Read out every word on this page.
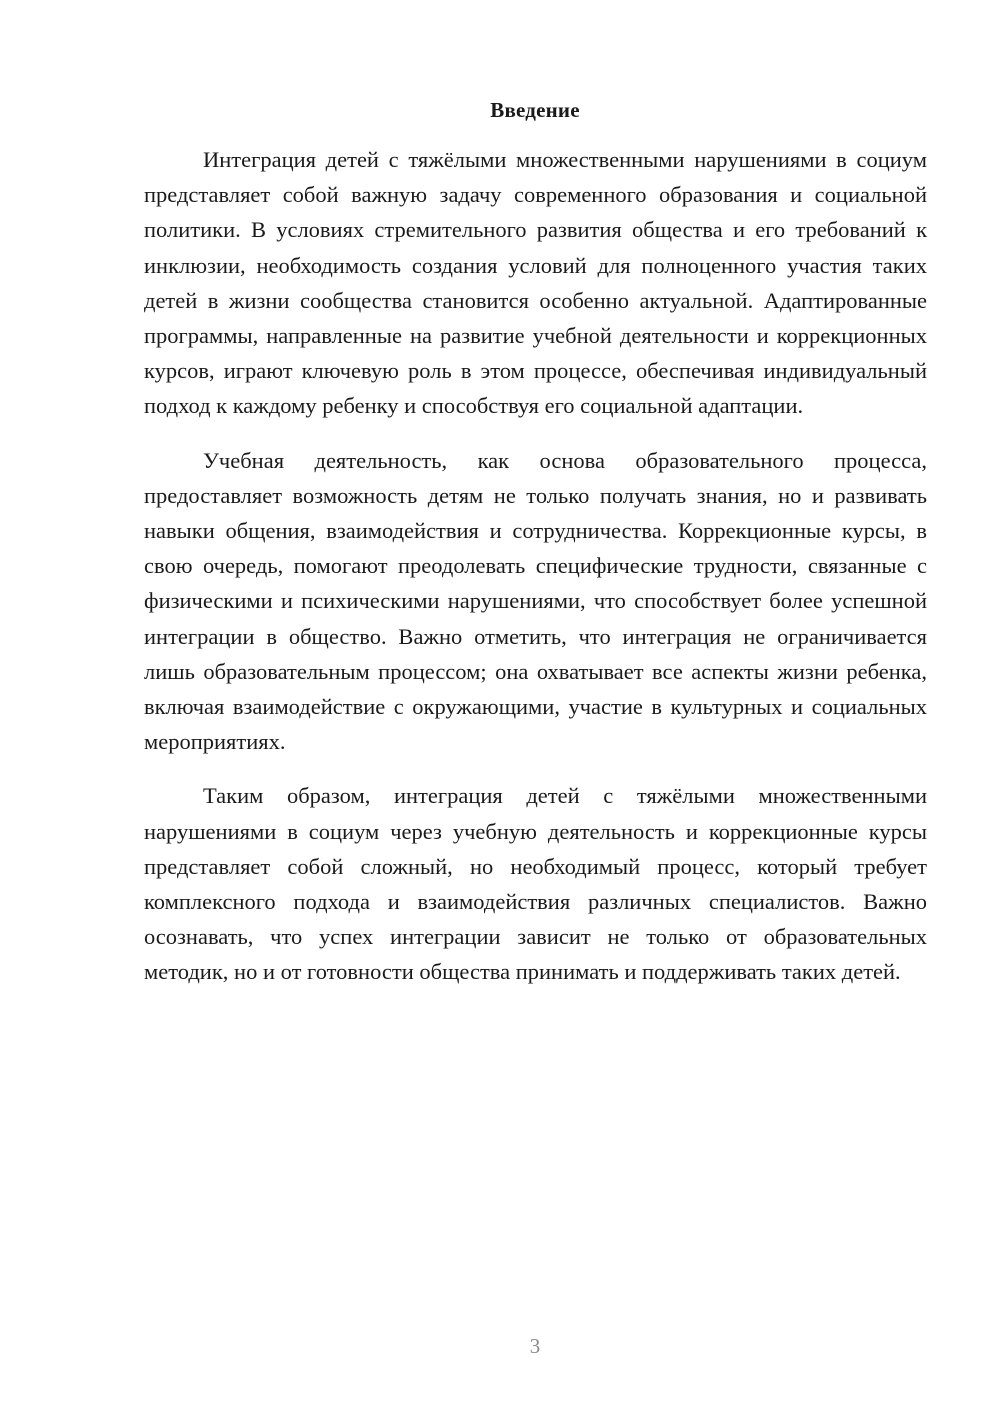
Введение

Интеграция детей с тяжёлыми множественными нарушениями в социум представляет собой важную задачу современного образования и социальной политики. В условиях стремительного развития общества и его требований к инклюзии, необходимость создания условий для полноценного участия таких детей в жизни сообщества становится особенно актуальной. Адаптированные программы, направленные на развитие учебной деятельности и коррекционных курсов, играют ключевую роль в этом процессе, обеспечивая индивидуальный подход к каждому ребенку и способствуя его социальной адаптации.

Учебная деятельность, как основа образовательного процесса, предоставляет возможность детям не только получать знания, но и развивать навыки общения, взаимодействия и сотрудничества. Коррекционные курсы, в свою очередь, помогают преодолевать специфические трудности, связанные с физическими и психическими нарушениями, что способствует более успешной интеграции в общество. Важно отметить, что интеграция не ограничивается лишь образовательным процессом; она охватывает все аспекты жизни ребенка, включая взаимодействие с окружающими, участие в культурных и социальных мероприятиях.

Таким образом, интеграция детей с тяжёлыми множественными нарушениями в социум через учебную деятельность и коррекционные курсы представляет собой сложный, но необходимый процесс, который требует комплексного подхода и взаимодействия различных специалистов. Важно осознавать, что успех интеграции зависит не только от образовательных методик, но и от готовности общества принимать и поддерживать таких детей.

3
